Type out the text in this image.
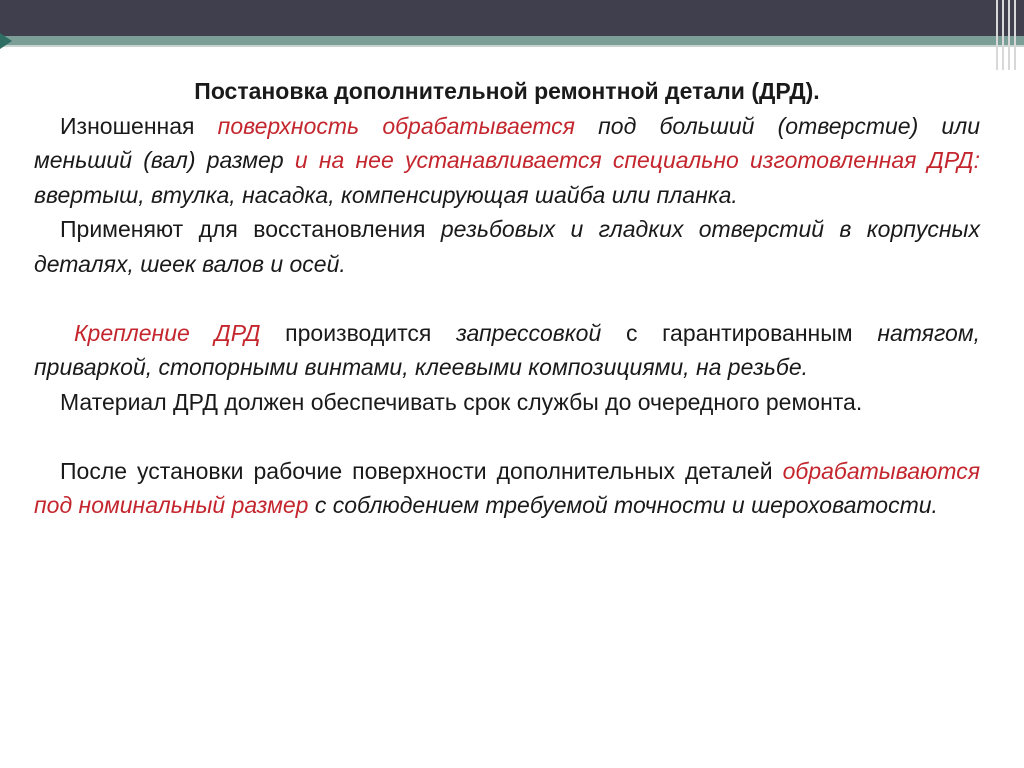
Постановка дополнительной ремонтной детали (ДРД).

Изношенная поверхность обрабатывается под больший (отверстие) или меньший (вал) размер и на нее устанавливается специально изготовленная ДРД: ввертыш, втулка, насадка, компенсирующая шайба или планка.

Применяют для восстановления резьбовых и гладких отверстий в корпусных деталях, шеек валов и осей.

Крепление ДРД производится запрессовкой с гарантированным натягом, приваркой, стопорными винтами, клеевыми композициями, на резьбе.

Материал ДРД должен обеспечивать срок службы до очередного ремонта.

После установки рабочие поверхности дополнительных деталей обрабатываются под номинальный размер с соблюдением требуемой точности и шероховатости.
